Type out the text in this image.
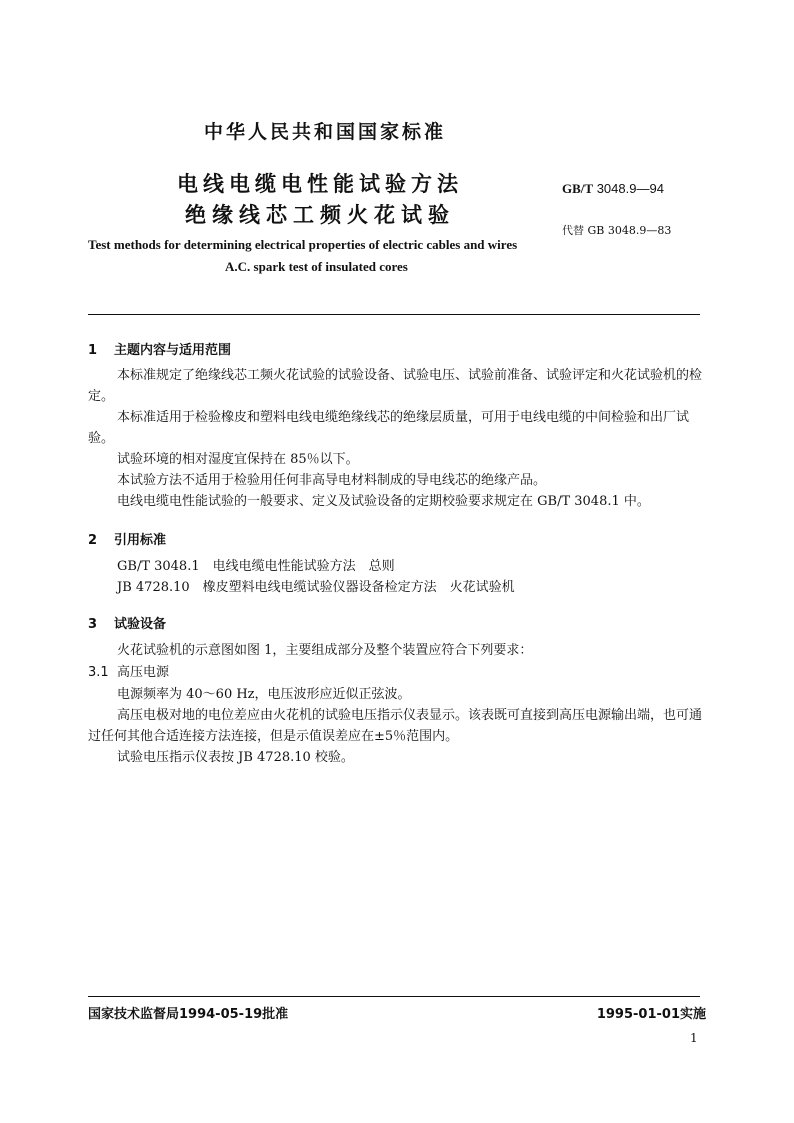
中华人民共和国国家标准
电线电缆电性能试验方法
绝缘线芯工频火花试验
GB/T 3048.9—94
代替 GB 3048.9—83
Test methods for determining electrical properties of electric cables and wires
A.C. spark test of insulated cores
1 主题内容与适用范围
本标准规定了绝缘线芯工频火花试验的试验设备、试验电压、试验前准备、试验评定和火花试验机的检定。
本标准适用于检验橡皮和塑料电线电缆绝缘线芯的绝缘层质量，可用于电线电缆的中间检验和出厂试验。
试验环境的相对湿度宜保持在 85％以下。
本试验方法不适用于检验用任何非高导电材料制成的导电线芯的绝缘产品。
电线电缆电性能试验的一般要求、定义及试验设备的定期校验要求规定在 GB/T 3048.1 中。
2 引用标准
GB/T 3048.1　电线电缆电性能试验方法　总则
JB 4728.10　橡皮塑料电线电缆试验仪器设备检定方法　火花试验机
3 试验设备
火花试验机的示意图如图 1，主要组成部分及整个装置应符合下列要求：
3.1 高压电源
电源频率为 40～60 Hz，电压波形应近似正弦波。
高压电极对地的电位差应由火花机的试验电压指示仪表显示。该表既可直接到高压电源输出端，也可通过任何其他合适连接方法连接，但是示值误差应在±5％范围内。
试验电压指示仪表按 JB 4728.10 校验。
国家技术监督局1994-05-19批准	1995-01-01实施
1
